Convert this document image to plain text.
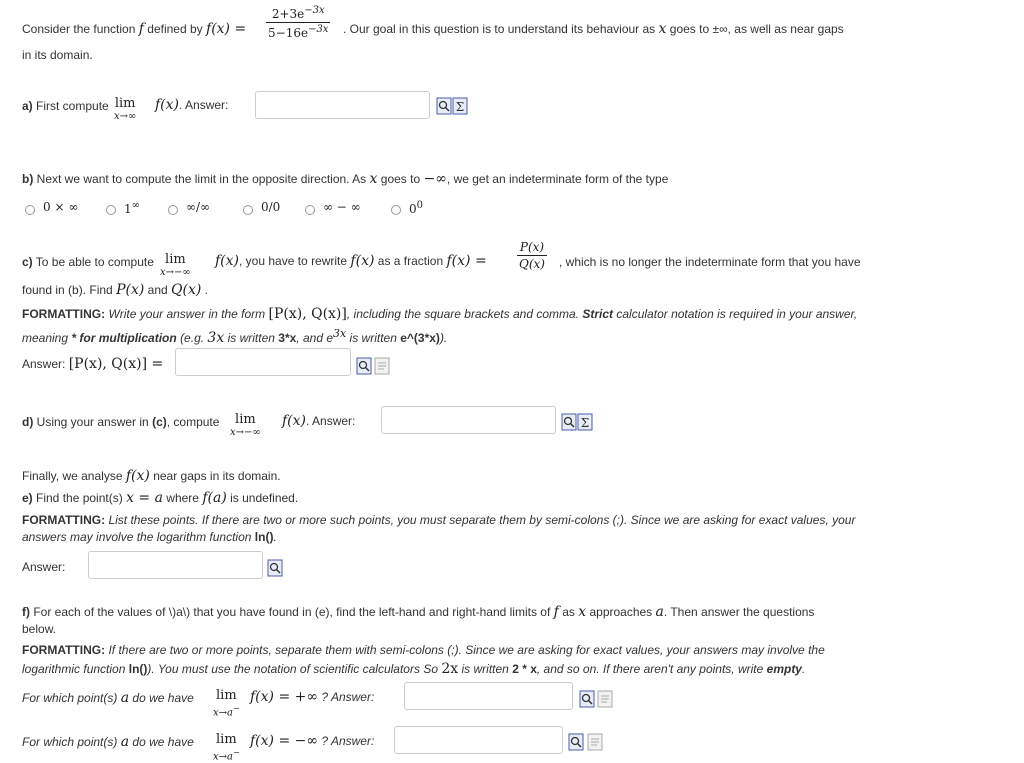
Consider the function f defined by f(x) =
$2+3e^{-3x}$
$5-16e^{-3x}$ . Our goal in this question is to understand its behaviour as x goes to ±∞, as well as near gaps
in its domain.
a) First compute lim
x→∞
f(x). Answer:	Σ
b) Next we want to compute the limit in the opposite direction. As x goes to −∞, we get an indeterminate form of the type
0 × ∞	1∞	∞/∞	0/0	∞ − ∞	$0^0$
c) To be able to compute lim
x→−∞
f(x), you have to rewrite f(x) as a fraction f(x) =
P(x)
Q(x) , which is no longer the indeterminate form that you have
found in (b). Find P(x) and Q(x) .
FORMATTING: Write your answer in the form [P(x), Q(x)], including the square brackets and comma. Strict calculator notation is required in your answer,
meaning * for multiplication (e.g. 3x is written 3*x, and $e^{3x}$ is written e^(3*x)).
Answer: [P(x), Q(x)] =
d) Using your answer in (c), compute	lim
x→−∞
f(x). Answer:	Σ
Finally, we analyse f(x) near gaps in its domain.
e) Find the point(s) x = a where f(a) is undefined.
FORMATTING: List these points. If there are two or more such points, you must separate them by semi-colons (;). Since we are asking for exact values, your
answers may involve the logarithm function ln().
Answer:
f) For each of the values of \)a\) that you have found in (e), find the left-hand and right-hand limits of f as x approaches a. Then answer the questions
below.
FORMATTING: If there are two or more points, separate them with semi-colons (;). Since we are asking for exact values, your answers may involve the
logarithmic function ln()). You must use the notation of scientific calculators So 2x is written 2 * x, and so on. If there aren't any points, write empty.
For which point(s) a do we have lim
x→a−
f(x) = +∞ ? Answer:
For which point(s) a do we have lim
x→a−
f(x) = −∞ ? Answer:
